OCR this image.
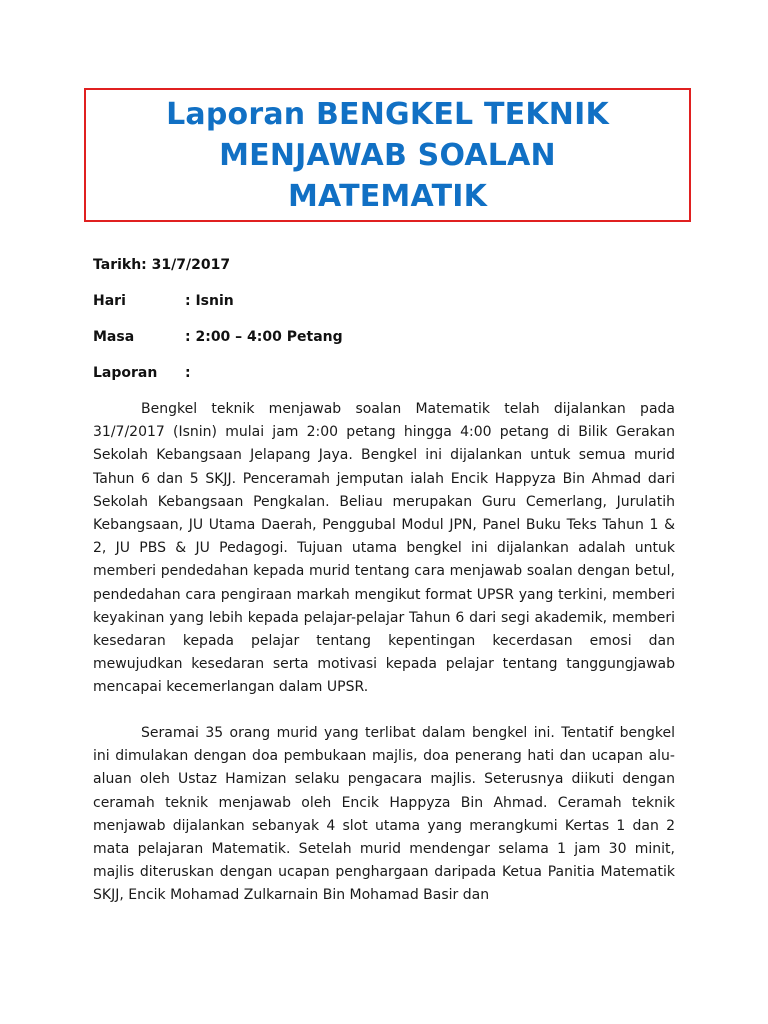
Laporan BENGKEL TEKNIK MENJAWAB SOALAN MATEMATIK
Tarikh: 31/7/2017
Hari	: Isnin
Masa	: 2:00 – 4:00 Petang
Laporan :

Bengkel teknik menjawab soalan Matematik telah dijalankan pada 31/7/2017 (Isnin) mulai jam 2:00 petang hingga 4:00 petang di Bilik Gerakan Sekolah Kebangsaan Jelapang Jaya. Bengkel ini dijalankan untuk semua murid Tahun 6 dan 5 SKJJ. Penceramah jemputan ialah Encik Happyza Bin Ahmad dari Sekolah Kebangsaan Pengkalan. Beliau merupakan Guru Cemerlang, Jurulatih Kebangsaan, JU Utama Daerah, Penggubal Modul JPN, Panel Buku Teks Tahun 1 & 2, JU PBS & JU Pedagogi. Tujuan utama bengkel ini dijalankan adalah untuk memberi pendedahan kepada murid tentang cara menjawab soalan dengan betul, pendedahan cara pengiraan markah mengikut format UPSR yang terkini, memberi keyakinan yang lebih kepada pelajar-pelajar Tahun 6 dari segi akademik, memberi kesedaran kepada pelajar tentang kepentingan kecerdasan emosi dan mewujudkan kesedaran serta motivasi kepada pelajar tentang tanggungjawab mencapai kecemerlangan dalam UPSR.

Seramai 35 orang murid yang terlibat dalam bengkel ini. Tentatif bengkel ini dimulakan dengan doa pembukaan majlis, doa penerang hati dan ucapan alu-aluan oleh Ustaz Hamizan selaku pengacara majlis. Seterusnya diikuti dengan ceramah teknik menjawab oleh Encik Happyza Bin Ahmad. Ceramah teknik menjawab dijalankan sebanyak 4 slot utama yang merangkumi Kertas 1 dan 2 mata pelajaran Matematik. Setelah murid mendengar selama 1 jam 30 minit, majlis diteruskan dengan ucapan penghargaan daripada Ketua Panitia Matematik SKJJ, Encik Mohamad Zulkarnain Bin Mohamad Basir dan
